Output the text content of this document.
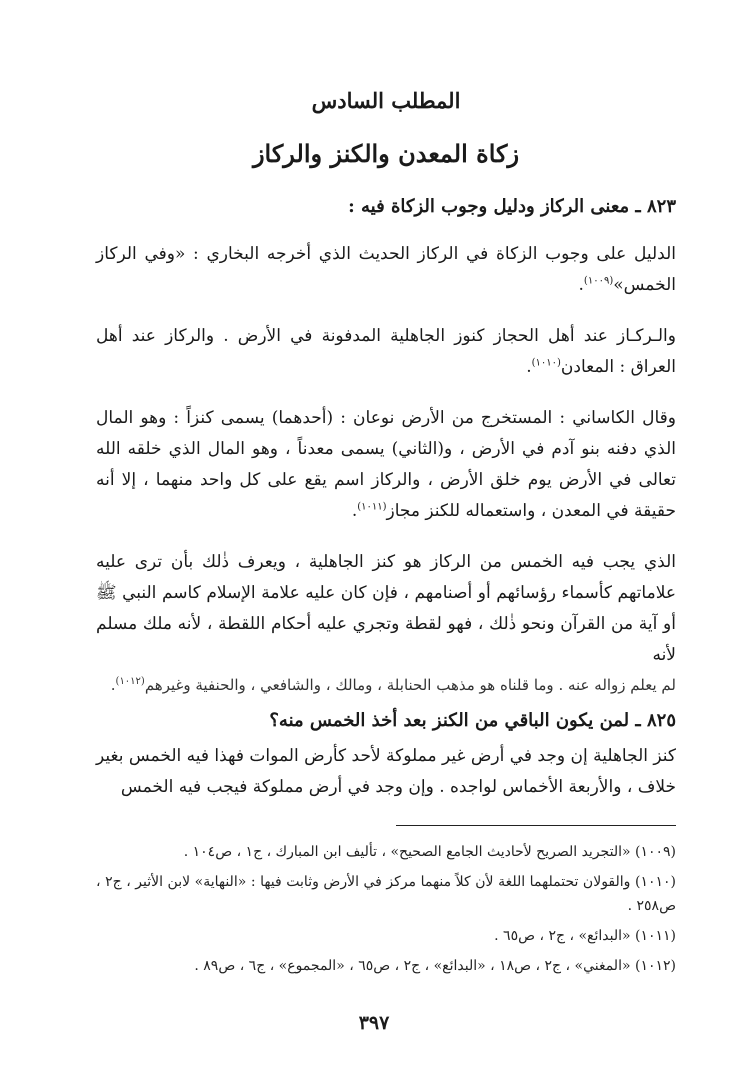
المطلب السادس
زكاة المعدن والكنز والركاز

٨٢٣ ـ معنى الركاز ودليل وجوب الزكاة فيه :

الدليل على وجوب الزكاة في الركاز الحديث الذي أخرجه البخاري : «وفي الركاز الخمس»$^{(١٠٠٩)}$.

والـركـاز عند أهل الحجاز كنوز الجاهلية المدفونة في الأرض . والركاز عند أهل العراق : المعادن$^{(١٠١٠)}$.

وقال الكاساني : المستخرج من الأرض نوعان : (أحدهما) يسمى كنزاً : وهو المال الذي دفنه بنو آدم في الأرض ، و(الثاني) يسمى معدناً ، وهو المال الذي خلقه الله تعالى في الأرض يوم خلق الأرض ، والركاز اسم يقع على كل واحد منهما ، إلا أنه حقيقة في المعدن ، واستعماله للكنز مجاز$^{(١٠١١)}$.

الذي يجب فيه الخمس من الركاز هو كنز الجاهلية ، ويعرف ذٰلك بأن ترى عليه علاماتهم كأسماء رؤسائهم أو أصنامهم ، فإن كان عليه علامة الإسلام كاسم النبي ﷺ أو آية من القرآن ونحو ذٰلك ، فهو لقطة وتجري عليه أحكام اللقطة ، لأنه ملك مسلم لأنه

لم يعلم زواله عنه . وما قلناه هو مذهب الحنابلة ، ومالك ، والشافعي ، والحنفية وغيرهم$^{(١٠١٢)}$.

٨٢٥ ـ لمن يكون الباقي من الكنز بعد أخذ الخمس منه؟

كنز الجاهلية إن وجد في أرض غير مملوكة لأحد كأرض الموات فهذا فيه الخمس بغير خلاف ، والأربعة الأخماس لواجده . وإن وجد في أرض مملوكة فيجب فيه الخمس

(١٠٠٩) «التجريد الصريح لأحاديث الجامع الصحيح» ، تأليف ابن المبارك ، ج١ ، ص١٠٤ .

(١٠١٠) والقولان تحتملهما اللغة لأن كلاً منهما مركز في الأرض وثابت فيها : «النهاية» لابن الأثير ، ج٢ ، ص٢٥٨ .

(١٠١١) «البدائع» ، ج٢ ، ص٦٥ .

(١٠١٢) «المغني» ، ج٢ ، ص١٨ ، «البدائع» ، ج٢ ، ص٦٥ ، «المجموع» ، ج٦ ، ص٨٩ .

٣٩٧
